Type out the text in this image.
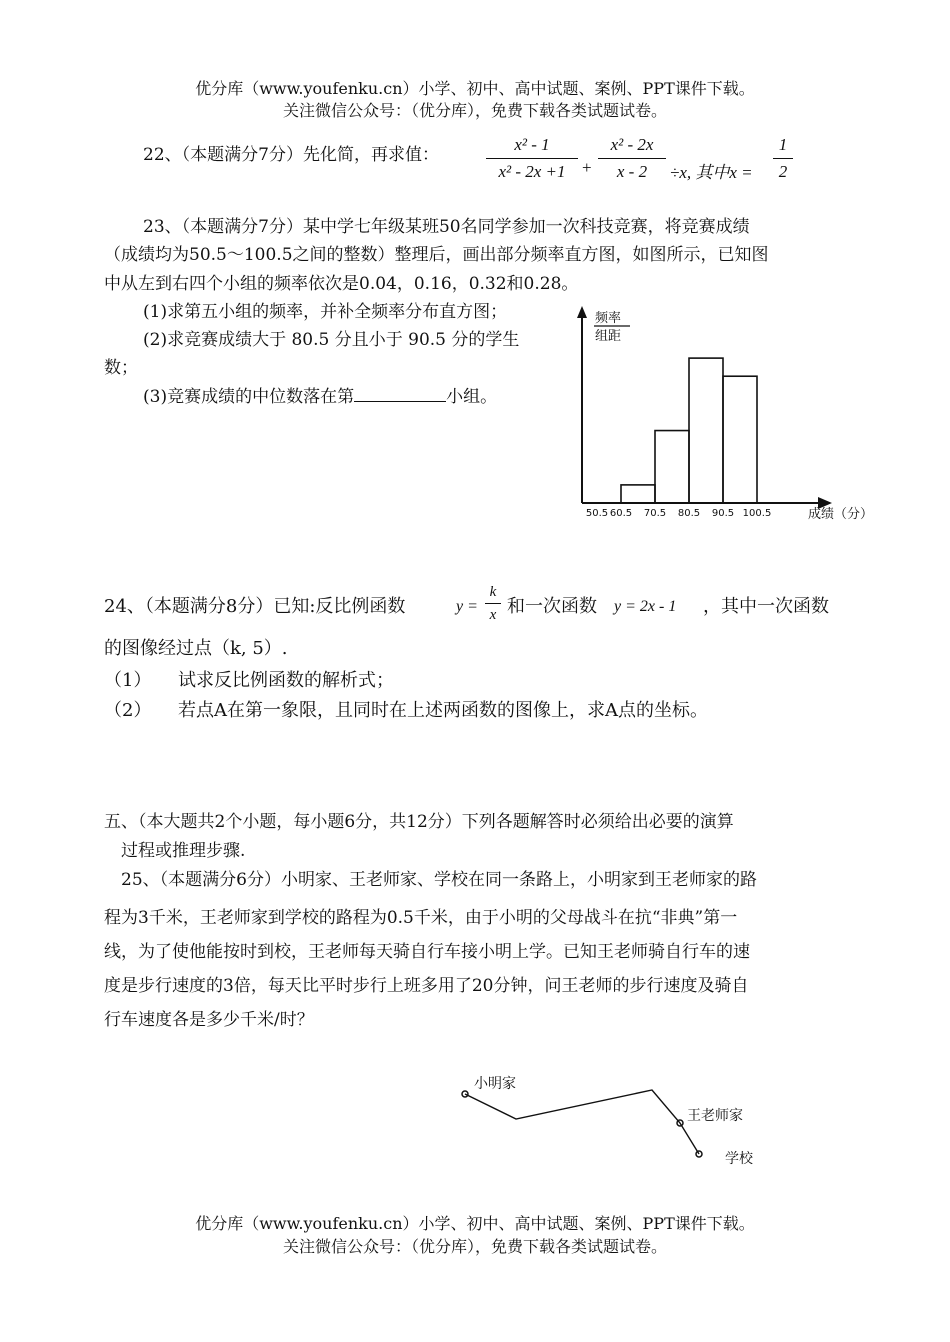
优分库（www.youfenku.cn）小学、初中、高中试题、案例、PPT课件下载。
关注微信公众号：（优分库），免费下载各类试题试卷。
22、（本题满分7分）先化简，再求值：
x² - 1
x² - 2x +1 +
x² - 2x
x - 2	÷x, 其中x =
1
2
23、（本题满分7分）某中学七年级某班50名同学参加一次科技竞赛，将竞赛成绩
（成绩均为50.5～100.5之间的整数）整理后，画出部分频率直方图，如图所示，已知图
中从左到右四个小组的频率依次是0.04，0.16，0.32和0.28。
(1)求第五小组的频率，并补全频率分布直方图；
(2)求竞赛成绩大于 80.5 分且小于 90.5 分的学生
数；
(3)竞赛成绩的中位数落在第	小组。
频率
组距
成绩（分）
50.5 60.5 70.5 80.5 90.5 100.5
24、（本题满分8分）已知:反比例函数	y =
k
x 和一次函数 y = 2x - 1 ，其中一次函数
的图像经过点（k, 5）.
（1） 试求反比例函数的解析式；
（2） 若点A在第一象限，且同时在上述两函数的图像上，求A点的坐标。
五、（本大题共2个小题，每小题6分，共12分）下列各题解答时必须给出必要的演算
过程或推理步骤.
25、（本题满分6分）小明家、王老师家、学校在同一条路上，小明家到王老师家的路
程为3千米，王老师家到学校的路程为0.5千米，由于小明的父母战斗在抗“非典”第一
线，为了使他能按时到校，王老师每天骑自行车接小明上学。已知王老师骑自行车的速
度是步行速度的3倍，每天比平时步行上班多用了20分钟，问王老师的步行速度及骑自
行车速度各是多少千米/时？
小明家
王老师家
学校
优分库（www.youfenku.cn）小学、初中、高中试题、案例、PPT课件下载。
关注微信公众号：（优分库），免费下载各类试题试卷。
